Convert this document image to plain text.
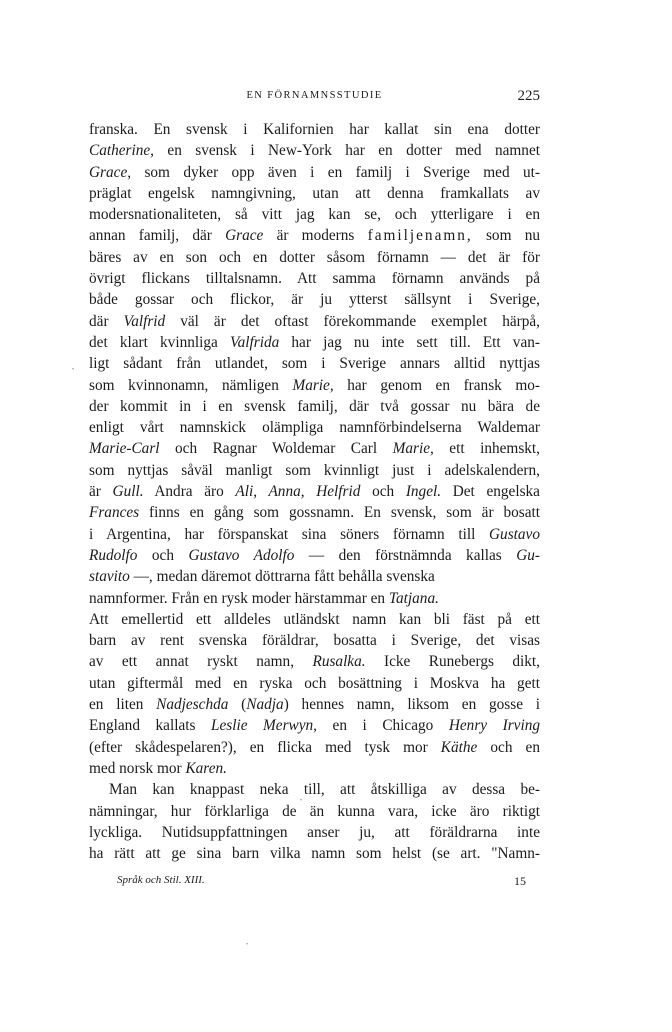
EN FÖRNAMNSSTUDIE	225
franska. En svensk i Kalifornien har kallat sin ena dotter
Catherine, en svensk i New-York har en dotter med namnet
Grace, som dyker opp även i en familj i Sverige med ut-
präglat engelsk namngivning, utan att denna framkallats av
modersnationaliteten, så vitt jag kan se, och ytterligare i en
annan familj, där Grace är moderns familjenamn, som nu
bäres av en son och en dotter såsom förnamn — det är för
övrigt flickans tilltalsnamn. Att samma förnamn används på
både gossar och flickor, är ju ytterst sällsynt i Sverige,
där Valfrid väl är det oftast förekommande exemplet härpå,
det klart kvinnliga Valfrida har jag nu inte sett till. Ett van-
ligt sådant från utlandet, som i Sverige annars alltid nyttjas
som kvinnonamn, nämligen Marie, har genom en fransk mo-
der kommit in i en svensk familj, där två gossar nu bära de
enligt vårt namnskick olämpliga namnförbindelserna Waldemar
Marie-Carl och Ragnar Woldemar Carl Marie, ett inhemskt,
som nyttjas såväl manligt som kvinnligt just i adelskalendern,
är Gull. Andra äro Ali, Anna, Helfrid och Ingel. Det engelska
Frances finns en gång som gossnamn. En svensk, som är bosatt
i Argentina, har förspanskat sina söners förnamn till Gustavo
Rudolfo och Gustavo Adolfo — den förstnämnda kallas Gu-
stavito —, medan däremot döttrarna fått behålla svenska
namnformer. Från en rysk moder härstammar en Tatjana.
Att emellertid ett alldeles utländskt namn kan bli fäst på ett
barn av rent svenska föräldrar, bosatta i Sverige, det visas
av ett annat ryskt namn, Rusalka. Icke Runebergs dikt,
utan giftermål med en ryska och bosättning i Moskva ha gett
en liten Nadjeschda (Nadja) hennes namn, liksom en gosse i
England kallats Leslie Merwyn, en i Chicago Henry Irving
(efter skådespelaren?), en flicka med tysk mor Käthe och en
med norsk mor Karen.
Man kan knappast neka till, att åtskilliga av dessa be-
nämningar, hur förklarliga de än kunna vara, icke äro riktigt
lyckliga. Nutidsuppfattningen anser ju, att föräldrarna inte
ha rätt att ge sina barn vilka namn som helst (se art. "Namn-
Språk och Stil. XIII.	15
•
•
•
